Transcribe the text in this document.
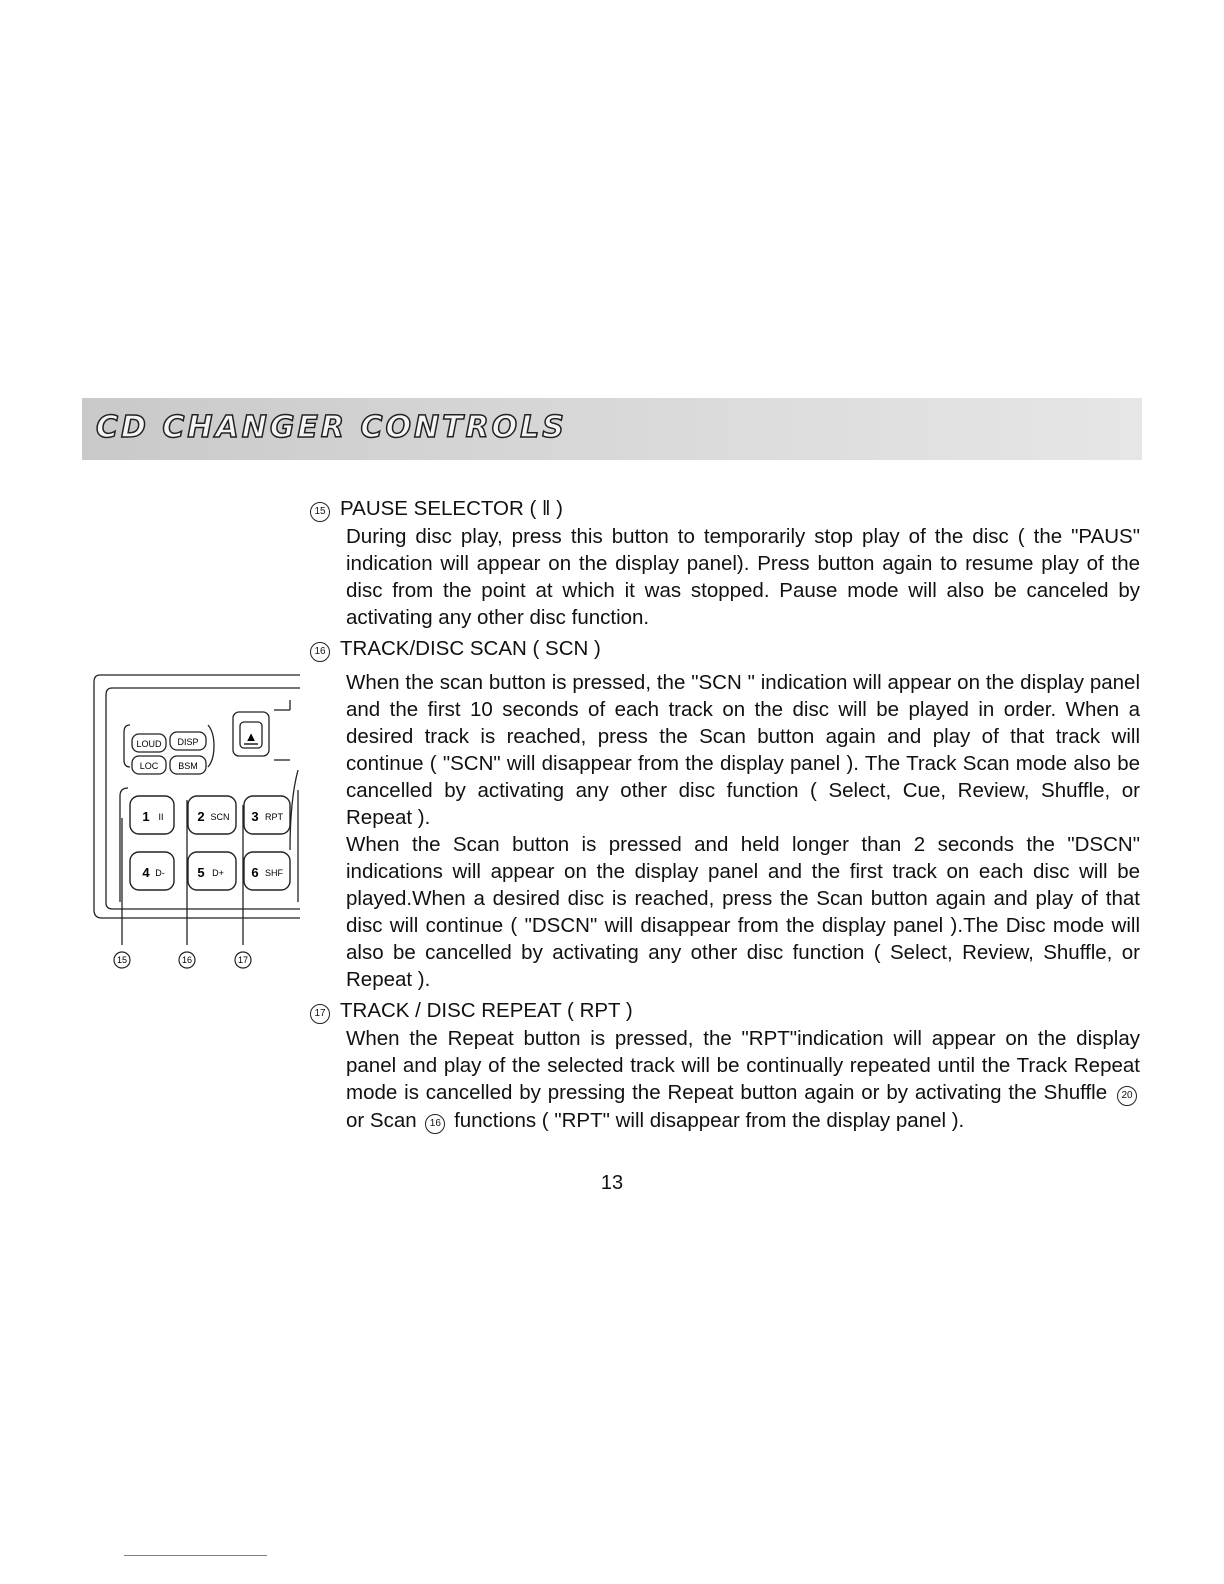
CD CHANGER CONTROLS
LOUD DISP
LOC BSM
▲
1 II	2 SCN 3 RPT
4 D-	5 D+ 6 SHF
15	16	17
15 PAUSE SELECTOR ( ‖ )
During disc play, press this button to temporarily stop play of the disc ( the "PAUS" indication will appear on the display panel). Press button again to resume play of the disc from the point at which it was stopped. Pause mode will also be canceled by activating any other disc function.
16 TRACK/DISC SCAN ( SCN )
When the scan button is pressed, the "SCN " indication will appear on the display panel and the first 10 seconds of each track on the disc will be played in order. When a desired track is reached, press the Scan button again and play of that track will continue ( "SCN" will disappear from the display panel ). The Track Scan mode also be cancelled by activating any other disc function ( Select, Cue, Review, Shuffle, or Repeat ).
When the Scan button is pressed and held longer than 2 seconds the "DSCN" indications will appear on the display panel and the first track on each disc will be played.When a desired disc is reached, press the Scan button again and play of that disc will continue ( "DSCN" will disappear from the display panel ).The Disc mode will also be cancelled by activating any other disc function ( Select, Review, Shuffle, or Repeat ).
17 TRACK / DISC REPEAT ( RPT )
When the Repeat button is pressed, the "RPT"indication will appear on the display panel and play of the selected track will be continually repeated until the Track Repeat mode is cancelled by pressing the Repeat button again or by activating the Shuffle 20 or Scan 16 functions ( "RPT" will disappear from the display panel ).
13
